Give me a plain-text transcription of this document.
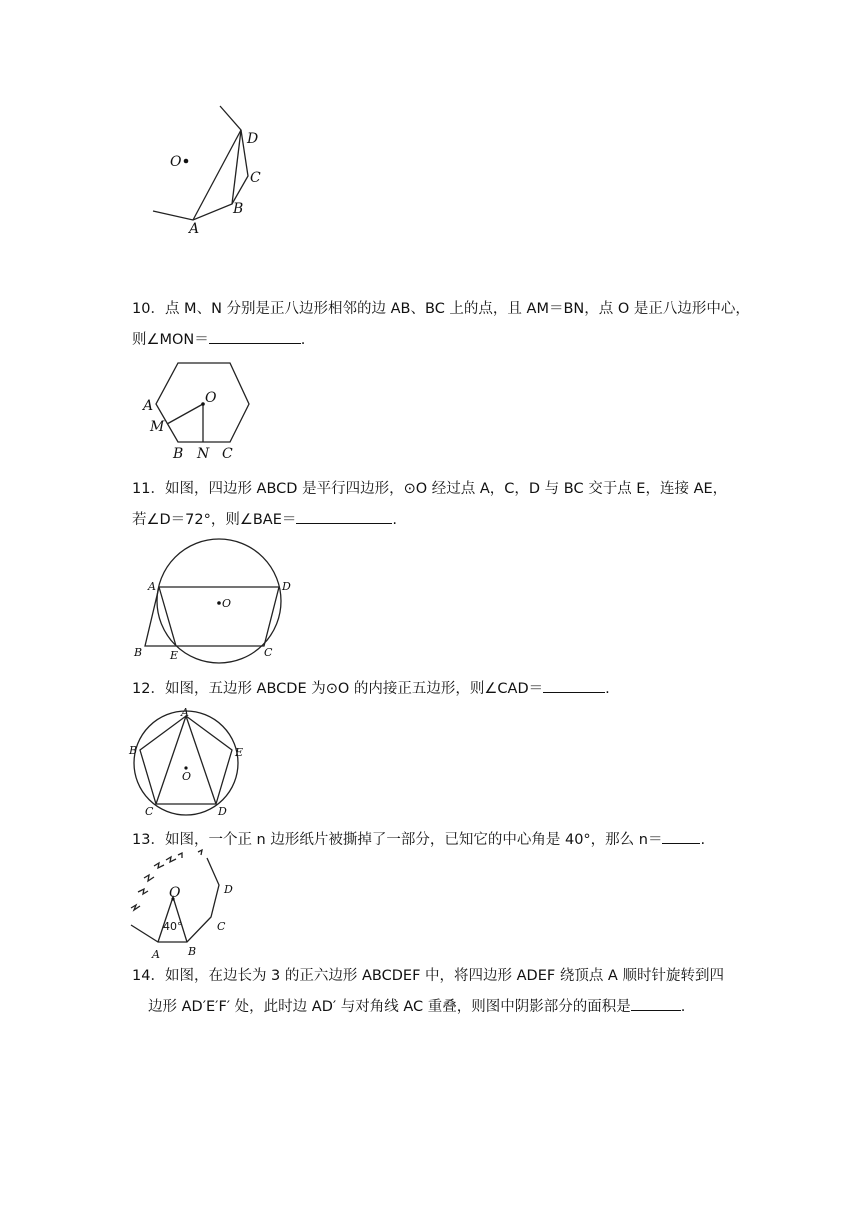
O
D
C
B
A
10．点 M、N 分别是正八边形相邻的边 AB、BC 上的点，且 AM＝BN，点 O 是正八边形中心，
则∠MON＝	.
O
A
M
B N C
11．如图，四边形 ABCD 是平行四边形，⊙O 经过点 A，C，D 与 BC 交于点 E，连接 AE，
若∠D＝72°，则∠BAE＝	.
O
A	D
B	E	C
12．如图，五边形 ABCDE 为⊙O 的内接正五边形，则∠CAD＝	.
O
A
B	E
C	D
13．如图，一个正 n 边形纸片被撕掉了一部分，已知它的中心角是 40°，那么 n＝	.
O
40°
A	B
C
D
14．如图，在边长为 3 的正六边形 ABCDEF 中，将四边形 ADEF 绕顶点 A 顺时针旋转到四
边形 AD′E′F′ 处，此时边 AD′ 与对角线 AC 重叠，则图中阴影部分的面积是	.
